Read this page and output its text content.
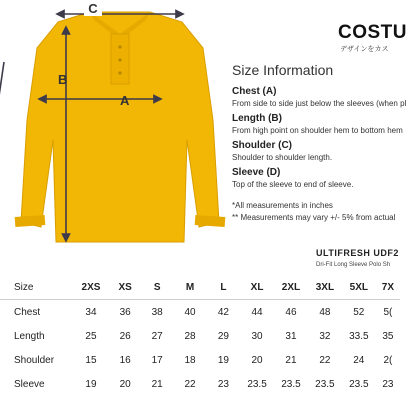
C
B
A
COSTU
デザインをカス
Size Information
Chest (A)
From side to side just below the sleeves (when pl
Length (B)
From high point on shoulder hem to bottom hem
Shoulder (C)
Shoulder to shoulder length.
Sleeve (D)
Top of the sleeve to end of sleeve.
*All measurements in inches
** Measurements may vary +/- 5% from actual
ULTIFRESH UDF2
Dri-Fit Long Sleeve Polo Sh
Size	2XS	XS	S	M	L	XL	2XL	3XL	5XL	7X
Chest	34	36	38	40	42	44	46	48	52	5(
Length	25	26	27	28	29	30	31	32	33.5	35
Shoulder	15	16	17	18	19	20	21	22	24	2(
Sleeve	19	20	21	22	23	23.5	23.5	23.5	23.5	23
